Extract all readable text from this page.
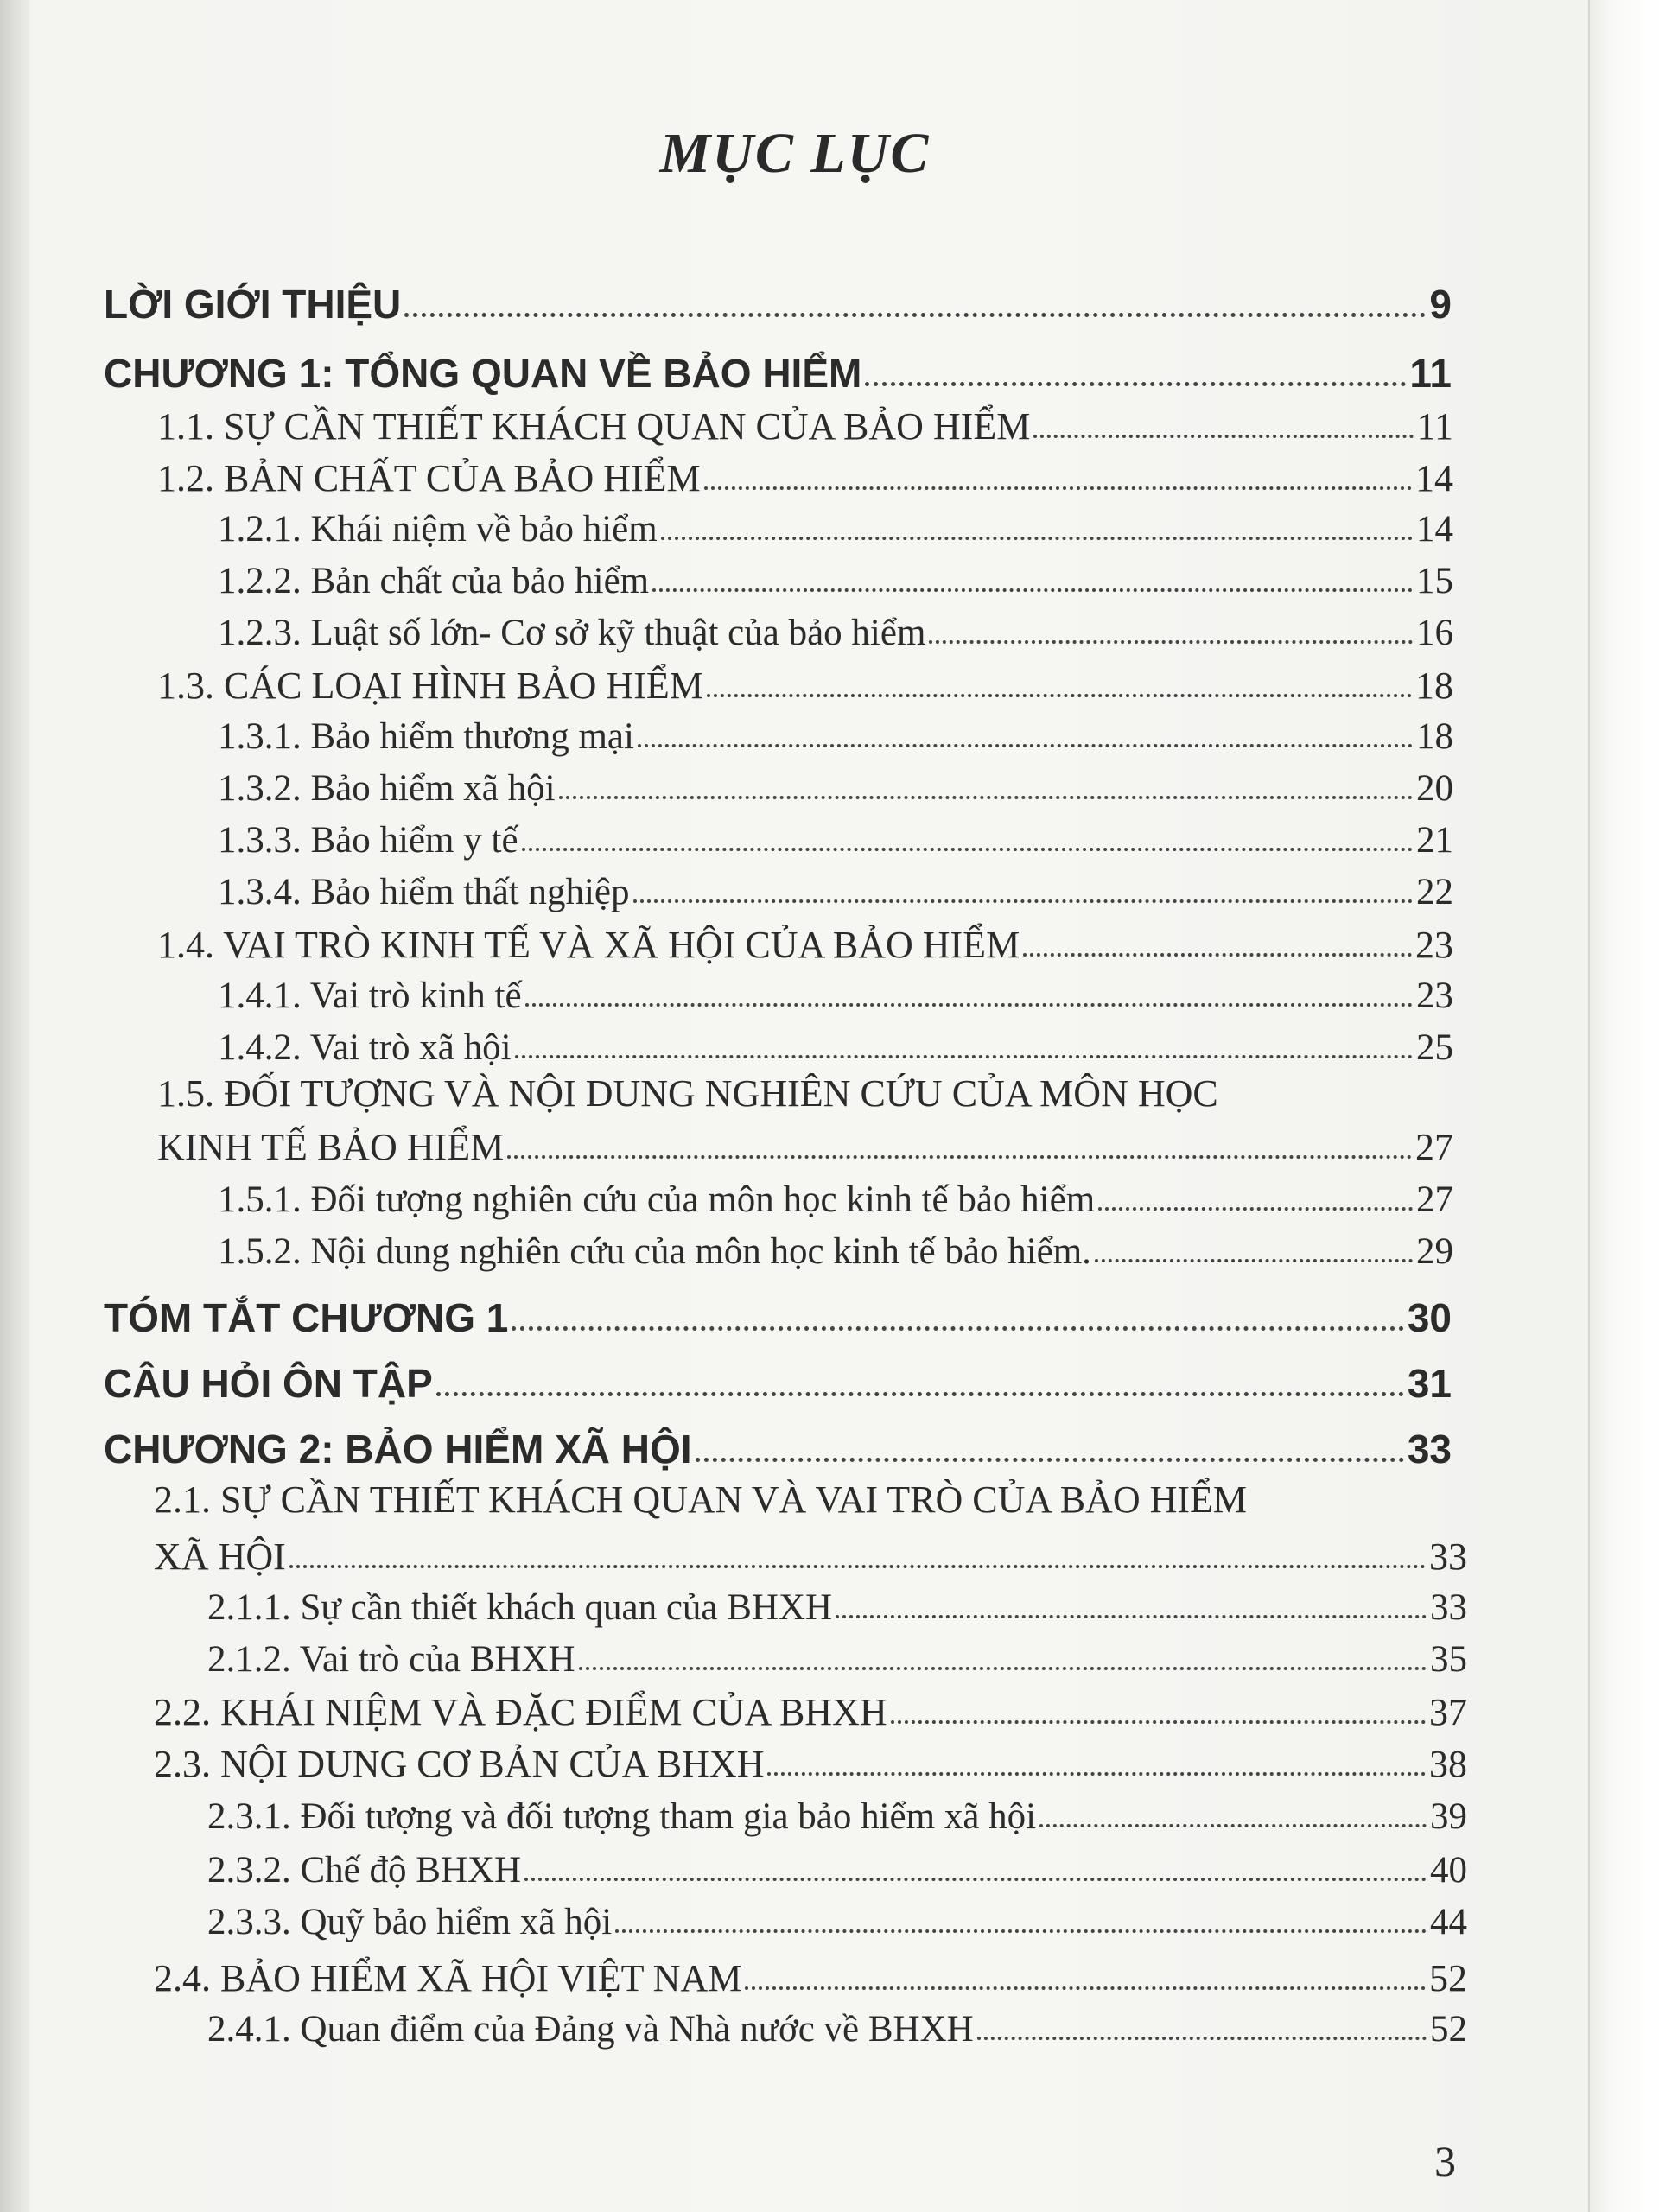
MỤC LỤC
LỜI GIỚI THIỆU	9
CHƯƠNG 1: TỔNG QUAN VỀ BẢO HIỂM	11
1.1. SỰ CẦN THIẾT KHÁCH QUAN CỦA BẢO HIỂM	11
1.2. BẢN CHẤT CỦA BẢO HIỂM	14
1.2.1. Khái niệm về bảo hiểm	14
1.2.2. Bản chất của bảo hiểm	15
1.2.3. Luật số lớn- Cơ sở kỹ thuật của bảo hiểm	16
1.3. CÁC LOẠI HÌNH BẢO HIỂM	18
1.3.1. Bảo hiểm thương mại	18
1.3.2. Bảo hiểm xã hội	20
1.3.3. Bảo hiểm y tế	21
1.3.4. Bảo hiểm thất nghiệp	22
1.4. VAI TRÒ KINH TẾ VÀ XÃ HỘI CỦA BẢO HIỂM	23
1.4.1. Vai trò kinh tế	23
1.4.2. Vai trò xã hội	25
1.5. ĐỐI TƯỢNG VÀ NỘI DUNG NGHIÊN CỨU CỦA MÔN HỌC
KINH TẾ BẢO HIỂM	27
1.5.1. Đối tượng nghiên cứu của môn học kinh tế bảo hiểm	27
1.5.2. Nội dung nghiên cứu của môn học kinh tế bảo hiểm.	29
TÓM TẮT CHƯƠNG 1	30
CÂU HỎI ÔN TẬP	31
CHƯƠNG 2: BẢO HIỂM XÃ HỘI	33
2.1. SỰ CẦN THIẾT KHÁCH QUAN VÀ VAI TRÒ CỦA BẢO HIỂM
XÃ HỘI	33
2.1.1. Sự cần thiết khách quan của BHXH	33
2.1.2. Vai trò của BHXH	35
2.2. KHÁI NIỆM VÀ ĐẶC ĐIỂM CỦA BHXH	37
2.3. NỘI DUNG CƠ BẢN CỦA BHXH	38
2.3.1. Đối tượng và đối tượng tham gia bảo hiểm xã hội	39
2.3.2. Chế độ BHXH	40
2.3.3. Quỹ bảo hiểm xã hội	44
2.4. BẢO HIỂM XÃ HỘI VIỆT NAM	52
2.4.1. Quan điểm của Đảng và Nhà nước về BHXH	52
3
